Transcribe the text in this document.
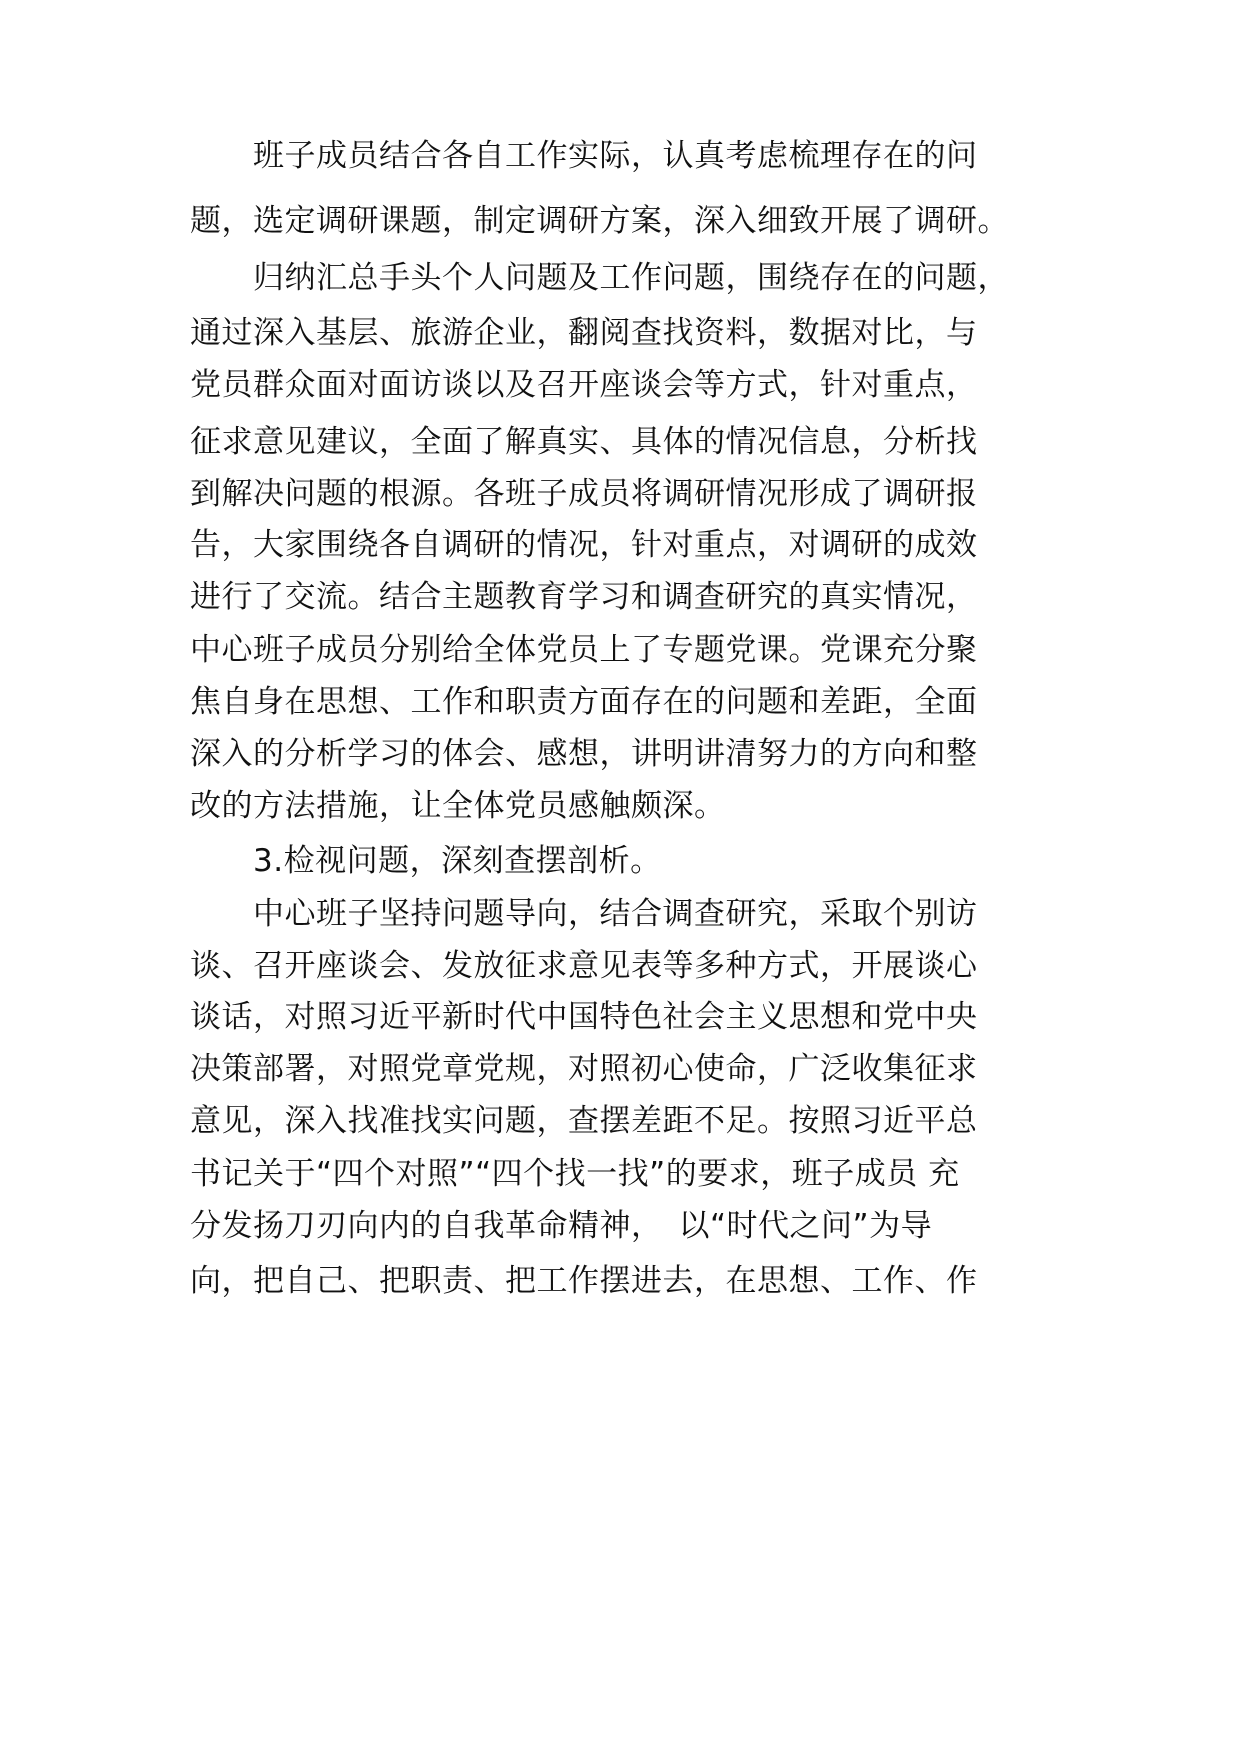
　　班子成员结合各自工作实际，认真考虑梳理存在的问

题，选定调研课题，制定调研方案，深入细致开展了调研。

　　归纳汇总手头个人问题及工作问题，围绕存在的问题，

通过深入基层、旅游企业，翻阅查找资料，数据对比，与

党员群众面对面访谈以及召开座谈会等方式，针对重点，

征求意见建议，全面了解真实、具体的情况信息，分析找

到解决问题的根源。各班子成员将调研情况形成了调研报

告，大家围绕各自调研的情况，针对重点，对调研的成效

进行了交流。结合主题教育学习和调查研究的真实情况，

中心班子成员分别给全体党员上了专题党课。党课充分聚

焦自身在思想、工作和职责方面存在的问题和差距，全面

深入的分析学习的体会、感想，讲明讲清努力的方向和整

改的方法措施，让全体党员感触颇深。

　　3.检视问题，深刻查摆剖析。

　　中心班子坚持问题导向，结合调查研究，采取个别访

谈、召开座谈会、发放征求意见表等多种方式，开展谈心

谈话，对照习近平新时代中国特色社会主义思想和党中央

决策部署，对照党章党规，对照初心使命，广泛收集征求

意见，深入找准找实问题，查摆差距不足。按照习近平总

书记关于“四个对照”“四个找一找”的要求，班子成员 充

分发扬刀刃向内的自我革命精神，　以“时代之问”为导

向，把自己、把职责、把工作摆进去，在思想、工作、作
